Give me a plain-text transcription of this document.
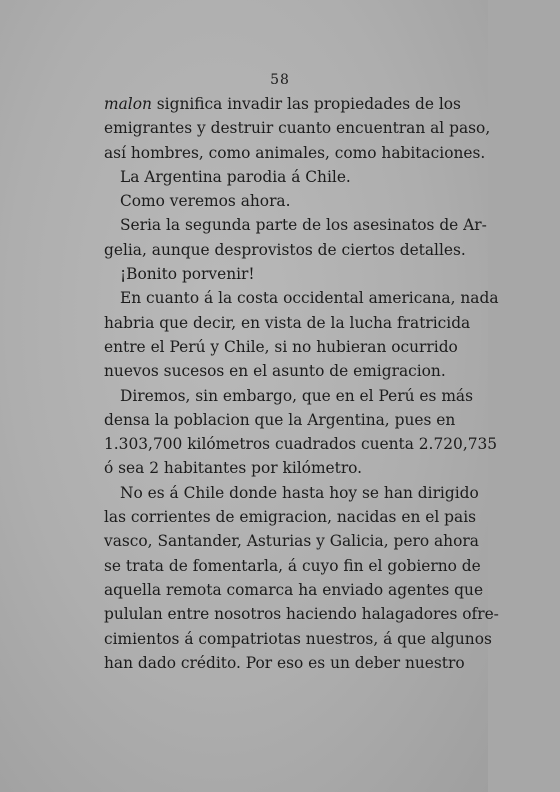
58
malon significa invadir las propiedades de los
emigrantes y destruir cuanto encuentran al paso,
así hombres, como animales, como habitaciones.
La Argentina parodia á Chile.
Como veremos ahora.
Seria la segunda parte de los asesinatos de Ar-
gelia, aunque desprovistos de ciertos detalles.
¡Bonito porvenir!
En cuanto á la costa occidental americana, nada
habria que decir, en vista de la lucha fratricida
entre el Perú y Chile, si no hubieran ocurrido
nuevos sucesos en el asunto de emigracion.
Diremos, sin embargo, que en el Perú es más
densa la poblacion que la Argentina, pues en
1.303,700 kilómetros cuadrados cuenta 2.720,735
ó sea 2 habitantes por kilómetro.
No es á Chile donde hasta hoy se han dirigido
las corrientes de emigracion, nacidas en el pais
vasco, Santander, Asturias y Galicia, pero ahora
se trata de fomentarla, á cuyo fin el gobierno de
aquella remota comarca ha enviado agentes que
pululan entre nosotros haciendo halagadores ofre-
cimientos á compatriotas nuestros, á que algunos
han dado crédito. Por eso es un deber nuestro
